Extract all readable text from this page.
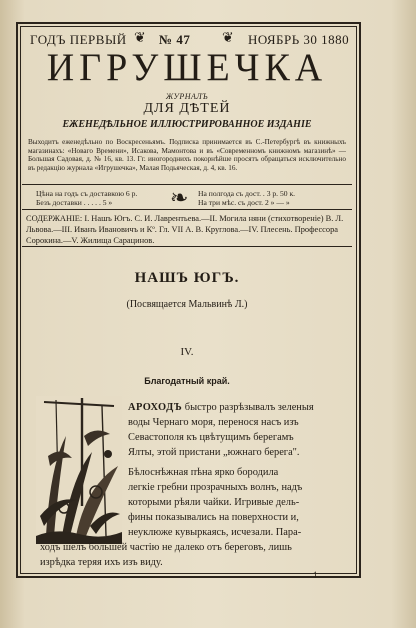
ГОДЪ ПЕРВЫЙ ❦ № 47 ❦ НОЯБРЬ 30 1880
ИГРУШЕЧКА
ЖУРНАЛЪ
ДЛЯ ДѢТЕЙ
ЕЖЕНЕДѢЛЬНОЕ ИЛЛЮСТРИРОВАННОЕ ИЗДАНІЕ
Выходитъ еженедѣльно по Воскресеньямъ. Подписка принимается въ С.-Петербургѣ въ книжныхъ магазинахъ: «Новаго Времени», Исакова, Мамонтова и въ «Современномъ книжномъ магазинѣ» — Большая Садовая, д. № 16, кв. 13. Гг. иногороднихъ покорнѣйше просятъ обращаться исключительно въ редакцію журнала «Игрушечка», Малая Подьяческая, д. 4, кв. 16.
Цѣна на годъ съ доставкою 6 р.
Безъ доставки . . . . . 5 »	❧ На полгода съ дост. . 3 р. 50 к.
На три мѣс. съ дост. 2 » — »
СОДЕРЖАНІЕ: I. Нашъ Югъ. С. И. Лаврентьева.—II. Могила няни (стихотвореніе) В. Л. Львова.—III. Иванъ Ивановичъ и Кº. Гл. VII А. В. Круглова.—IV. Плесень. Профессора Сорокина.—V. Жилища Сарацинов.
НАШЪ ЮГЪ.
(Посвящается Мальвинѣ Л.)
IV.
Благодатный край.
АРОХОДЪ быстро разрѣзывалъ зеленыя
воды Чернаго моря, перенося насъ изъ
Севастополя къ цвѣтущимъ берегамъ
Ялты, этой пристани „южнаго берега".
Бѣлоснѣжная пѣна ярко бородила
легкіе гребни прозрачныхъ волнъ, надъ
которыми рѣяли чайки. Игривые дель-
фины показывались на поверхности и,
неуклюже кувыркаясь, исчезали. Пара-
ходъ шелъ большей частію не далеко отъ береговъ, лишь
изрѣдка теряя ихъ изъ виду.
1
